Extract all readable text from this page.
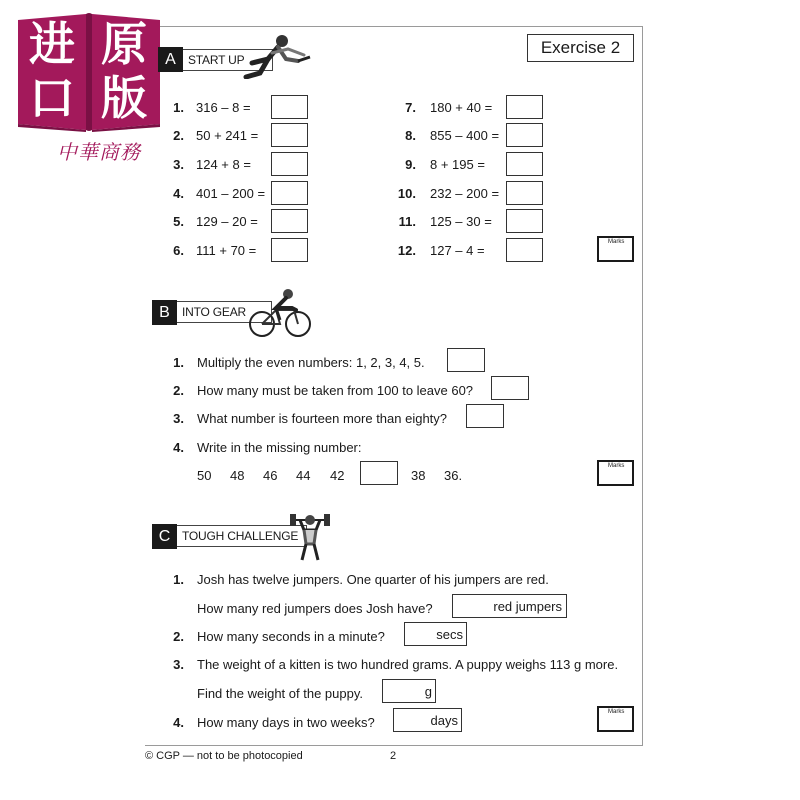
进 原
口 版
中華商務
Exercise 2
A	START UP
1. 316 – 8 =
2. 50 + 241 =
3. 124 + 8 =
4. 401 – 200 =
5. 129 – 20 =
6. 111 + 70 =
7. 180 + 40 =
8. 855 – 400 =
9. 8 + 195 =
10. 232 – 200 =
11. 125 – 30 =
12. 127 – 4 =
Marks
B	INTO GEAR
1. Multiply the even numbers: 1, 2, 3, 4, 5.
2. How many must be taken from 100 to leave 60?
3. What number is fourteen more than eighty?
4. Write in the missing number:
50 48 46 44 42	38 36.
Marks
C TOUGH CHALLENGE
1. Josh has twelve jumpers. One quarter of his jumpers are red.
How many red jumpers does Josh have?	red jumpers
2. How many seconds in a minute?	secs
3. The weight of a kitten is two hundred grams. A puppy weighs 113 g more.
Find the weight of the puppy.	g
4. How many days in two weeks?	days
Marks
© CGP — not to be photocopied	2
